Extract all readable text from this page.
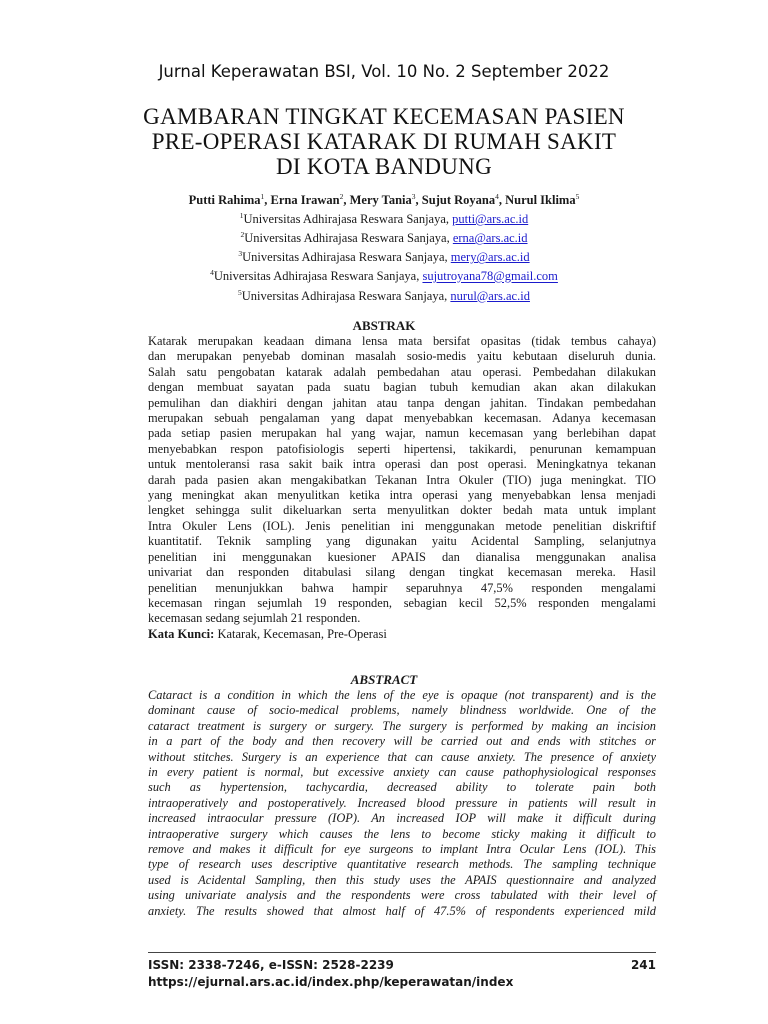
Jurnal Keperawatan BSI, Vol. 10 No. 2 September 2022
GAMBARAN TINGKAT KECEMASAN PASIEN
PRE-OPERASI KATARAK DI RUMAH SAKIT
DI KOTA BANDUNG
Putti Rahima$^1$, Erna Irawan$^2$, Mery Tania$^3$, Sujut Royana$^4$, Nurul Iklima$^5$
$^1$Universitas Adhirajasa Reswara Sanjaya, putti@ars.ac.id
$^2$Universitas Adhirajasa Reswara Sanjaya, erna@ars.ac.id
$^3$Universitas Adhirajasa Reswara Sanjaya, mery@ars.ac.id
$^4$Universitas Adhirajasa Reswara Sanjaya, sujutroyana78@gmail.com
$^5$Universitas Adhirajasa Reswara Sanjaya, nurul@ars.ac.id
ABSTRAK
Katarak merupakan keadaan dimana lensa mata bersifat opasitas (tidak tembus cahaya)
dan merupakan penyebab dominan masalah sosio-medis yaitu kebutaan diseluruh dunia.
Salah satu pengobatan katarak adalah pembedahan atau operasi. Pembedahan dilakukan
dengan membuat sayatan pada suatu bagian tubuh kemudian akan akan dilakukan
pemulihan dan diakhiri dengan jahitan atau tanpa dengan jahitan. Tindakan pembedahan
merupakan sebuah pengalaman yang dapat menyebabkan kecemasan. Adanya kecemasan
pada setiap pasien merupakan hal yang wajar, namun kecemasan yang berlebihan dapat
menyebabkan respon patofisiologis seperti hipertensi, takikardi, penurunan kemampuan
untuk mentoleransi rasa sakit baik intra operasi dan post operasi. Meningkatnya tekanan
darah pada pasien akan mengakibatkan Tekanan Intra Okuler (TIO) juga meningkat. TIO
yang meningkat akan menyulitkan ketika intra operasi yang menyebabkan lensa menjadi
lengket sehingga sulit dikeluarkan serta menyulitkan dokter bedah mata untuk implant
Intra Okuler Lens (IOL). Jenis penelitian ini menggunakan metode penelitian diskriftif
kuantitatif. Teknik sampling yang digunakan yaitu Acidental Sampling, selanjutnya
penelitian ini menggunakan kuesioner APAIS dan dianalisa menggunakan analisa
univariat dan responden ditabulasi silang dengan tingkat kecemasan mereka. Hasil
penelitian menunjukkan bahwa hampir separuhnya 47,5% responden mengalami
kecemasan ringan sejumlah 19 responden, sebagian kecil 52,5% responden mengalami
kecemasan sedang sejumlah 21 responden.
Kata Kunci: Katarak, Kecemasan, Pre-Operasi
ABSTRACT
Cataract is a condition in which the lens of the eye is opaque (not transparent) and is the
dominant cause of socio-medical problems, namely blindness worldwide. One of the
cataract treatment is surgery or surgery. The surgery is performed by making an incision
in a part of the body and then recovery will be carried out and ends with stitches or
without stitches. Surgery is an experience that can cause anxiety. The presence of anxiety
in every patient is normal, but excessive anxiety can cause pathophysiological responses
such as hypertension, tachycardia, decreased ability to tolerate pain both
intraoperatively and postoperatively. Increased blood pressure in patients will result in
increased intraocular pressure (IOP). An increased IOP will make it difficult during
intraoperative surgery which causes the lens to become sticky making it difficult to
remove and makes it difficult for eye surgeons to implant Intra Ocular Lens (IOL). This
type of research uses descriptive quantitative research methods. The sampling technique
used is Acidental Sampling, then this study uses the APAIS questionnaire and analyzed
using univariate analysis and the respondents were cross tabulated with their level of
anxiety. The results showed that almost half of 47.5% of respondents experienced mild
ISSN: 2338-7246, e-ISSN: 2528-2239	241
https://ejurnal.ars.ac.id/index.php/keperawatan/index
